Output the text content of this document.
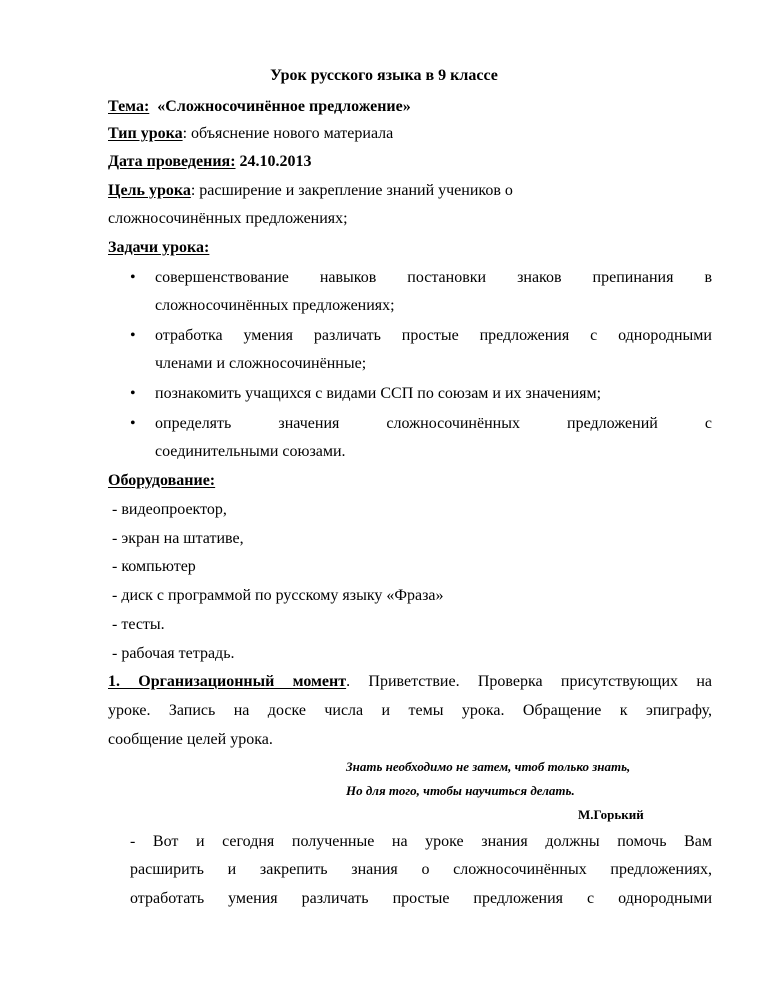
Урок русского языка в 9 классе
Тема: «Сложносочинённое предложение»
Тип урока: объяснение нового материала
Дата проведения: 24.10.2013
Цель урока: расширение и закрепление знаний учеников о
сложносочинённых предложениях;
Задачи урока:
• совершенствование навыков постановки знаков препинания в
сложносочинённых предложениях;
• отработка умения различать простые предложения с однородными
членами и сложносочинённые;
• познакомить учащихся с видами ССП по союзам и их значениям;
• определять значения сложносочинённых предложений с
соединительными союзами.
Оборудование:
- видеопроектор,
- экран на штативе,
- компьютер
- диск с программой по русскому языку «Фраза»
- тесты.
- рабочая тетрадь.
1. Организационный момент. Приветствие. Проверка присутствующих на
уроке. Запись на доске числа и темы урока. Обращение к эпиграфу,
сообщение целей урока.
Знать необходимо не затем, чтоб только знать,
Но для того, чтобы научиться делать.
М.Горький
- Вот и сегодня полученные на уроке знания должны помочь Вам
расширить и закрепить знания о сложносочинённых предложениях,
отработать умения различать простые предложения с однородными
